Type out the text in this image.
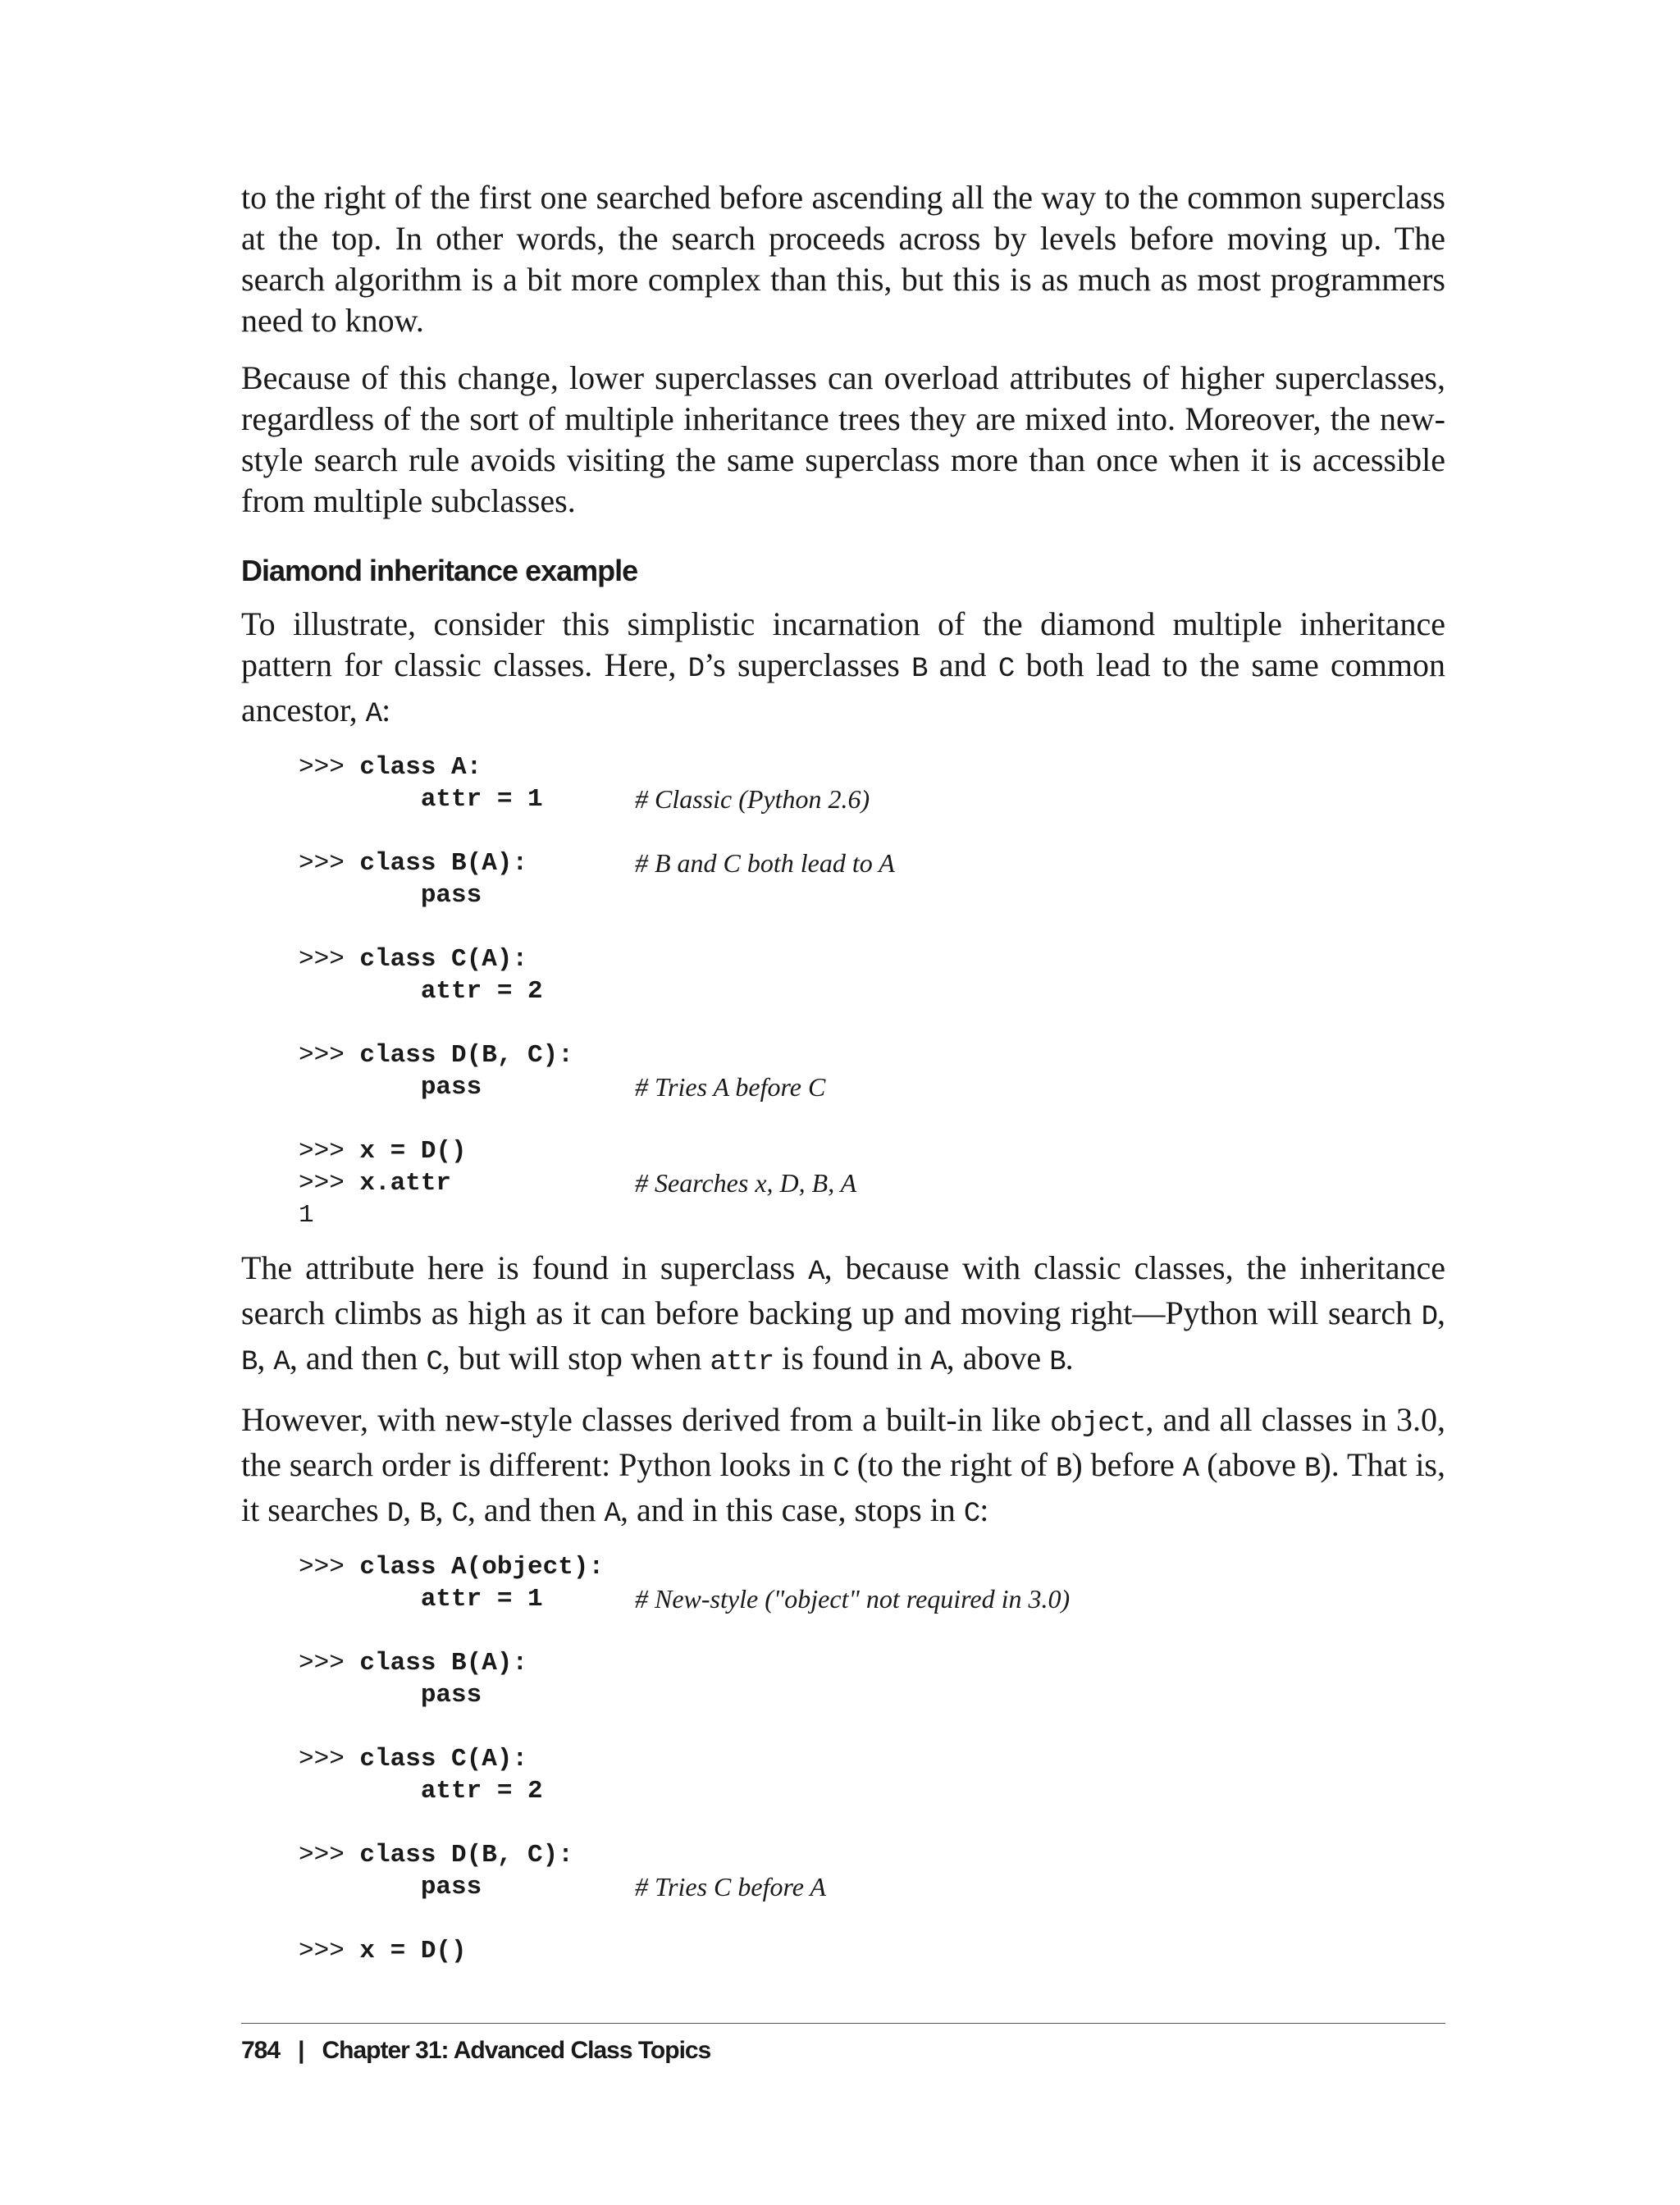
to the right of the first one searched before ascending all the way to the common superclass at the top. In other words, the search proceeds across by levels before moving up. The search algorithm is a bit more complex than this, but this is as much as most programmers need to know.

Because of this change, lower superclasses can overload attributes of higher superclasses, regardless of the sort of multiple inheritance trees they are mixed into. Moreover, the new-style search rule avoids visiting the same superclass more than once when it is accessible from multiple subclasses.

Diamond inheritance example

To illustrate, consider this simplistic incarnation of the diamond multiple inheritance pattern for classic classes. Here, D’s superclasses B and C both lead to the same common ancestor, A:

>>> class A:
attr = 1	# Classic (Python 2.6)
>>> class B(A):	# B and C both lead to A
pass
>>> class C(A):
attr = 2
>>> class D(B, C):
pass	# Tries A before C
>>> x = D()
>>> x.attr	# Searches x, D, B, A
1

The attribute here is found in superclass A, because with classic classes, the inheritance search climbs as high as it can before backing up and moving right—Python will search D, B, A, and then C, but will stop when attr is found in A, above B.

However, with new-style classes derived from a built-in like object, and all classes in 3.0, the search order is different: Python looks in C (to the right of B) before A (above B). That is, it searches D, B, C, and then A, and in this case, stops in C:

>>> class A(object):
attr = 1	# New-style ("object" not required in 3.0)
>>> class B(A):
pass
>>> class C(A):
attr = 2
>>> class D(B, C):
pass	# Tries C before A
>>> x = D()
784 | Chapter 31: Advanced Class Topics
